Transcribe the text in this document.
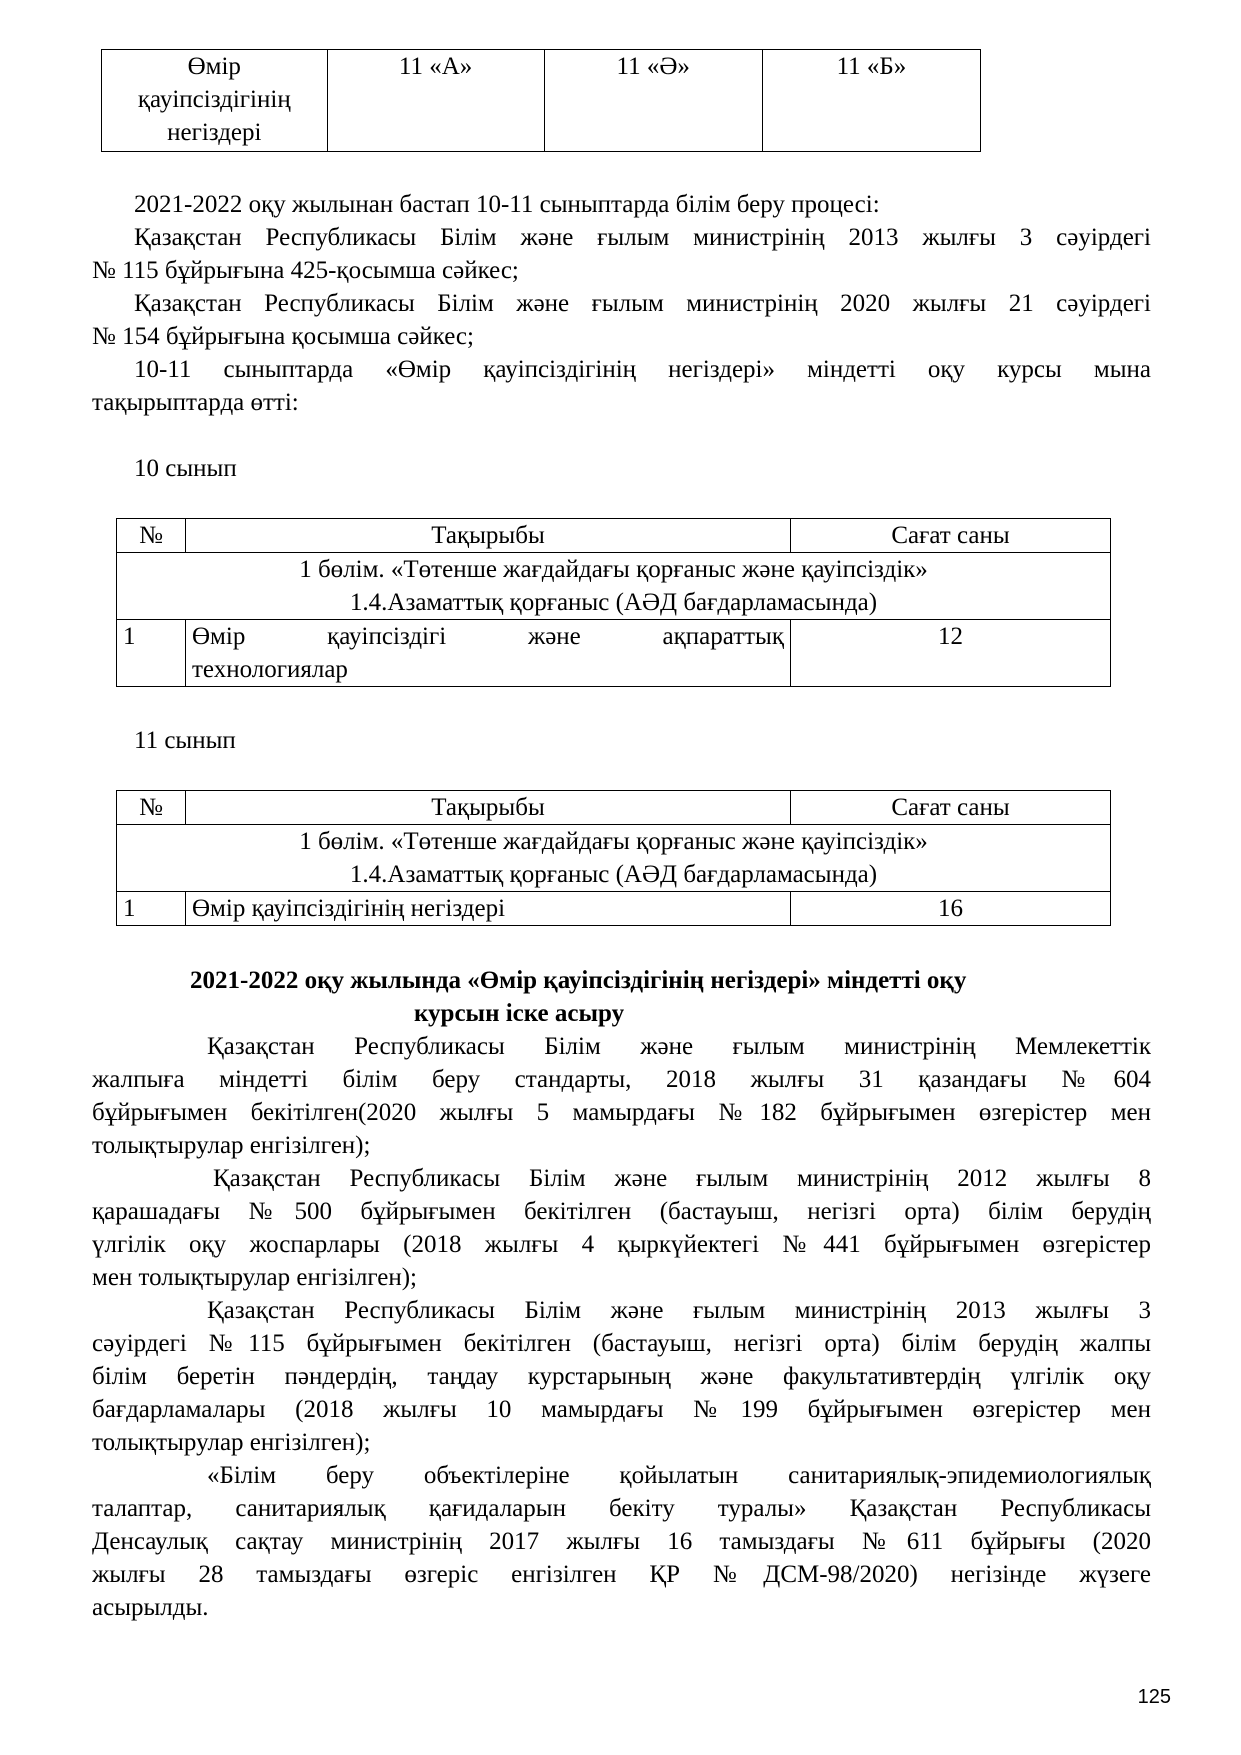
Өмір
қауіпсіздігінің
негіздері
	11 «А»	11 «Ә»	11 «Б»
2021-2022 оқу жылынан бастап 10-11 сыныптарда білім беру процесі:
Қазақстан Республикасы Білім және ғылым министрінің 2013 жылғы 3 сәуірдегі
№ 115 бұйрығына 425-қосымша сәйкес;
Қазақстан Республикасы Білім және ғылым министрінің 2020 жылғы 21 сәуірдегі
№ 154 бұйрығына қосымша сәйкес;
10-11 сыныптарда «Өмір қауіпсіздігінің негіздері» міндетті оқу курсы мына
тақырыптарда өтті:
10 сынып
№	Тақырыбы	Сағат саны

1 бөлім. «Төтенше жағдайдағы қорғаныс және қауіпсіздік»
1.4.Азаматтық қорғаныс (АӘД бағдарламасында)		

1	Өмір қауіпсіздігі және ақпараттық
технологиялар	12
11 сынып
№	Тақырыбы	Сағат саны

1 бөлім. «Төтенше жағдайдағы қорғаныс және қауіпсіздік»
1.4.Азаматтық қорғаныс (АӘД бағдарламасында)		

1	Өмір қауіпсіздігінің негіздері	16
2021-2022 оқу жылында «Өмір қауіпсіздігінің негіздері» міндетті оқу
курсын іске асыру
Қазақстан Республикасы Білім және ғылым министрінің Мемлекеттік
жалпыға міндетті білім беру стандарты, 2018 жылғы 31 қазандағы №604
бұйрығымен бекітілген(2020 жылғы 5 мамырдағы №182 бұйрығымен өзгерістер мен
толықтырулар енгізілген);
Қазақстан Республикасы Білім және ғылым министрінің 2012 жылғы 8
қарашадағы №500 бұйрығымен бекітілген (бастауыш, негізгі орта) білім берудің
үлгілік оқу жоспарлары (2018 жылғы 4 қыркүйектегі №441 бұйрығымен өзгерістер
мен толықтырулар енгізілген);
Қазақстан Республикасы Білім және ғылым министрінің 2013 жылғы 3
сәуірдегі №115 бұйрығымен бекітілген (бастауыш, негізгі орта) білім берудің жалпы
білім беретін пәндердің, таңдау курстарының және факультативтердің үлгілік оқу
бағдарламалары (2018 жылғы 10 мамырдағы №199 бұйрығымен өзгерістер мен
толықтырулар енгізілген);
«Білім беру объектілеріне қойылатын санитариялық-эпидемиологиялық
талаптар, санитариялық қағидаларын бекіту туралы» Қазақстан Республикасы
Денсаулық сақтау министрінің 2017 жылғы 16 тамыздағы №611 бұйрығы (2020
жылғы 28 тамыздағы өзгеріс енгізілген ҚР №ДСМ-98/2020) негізінде жүзеге
асырылды.
125
